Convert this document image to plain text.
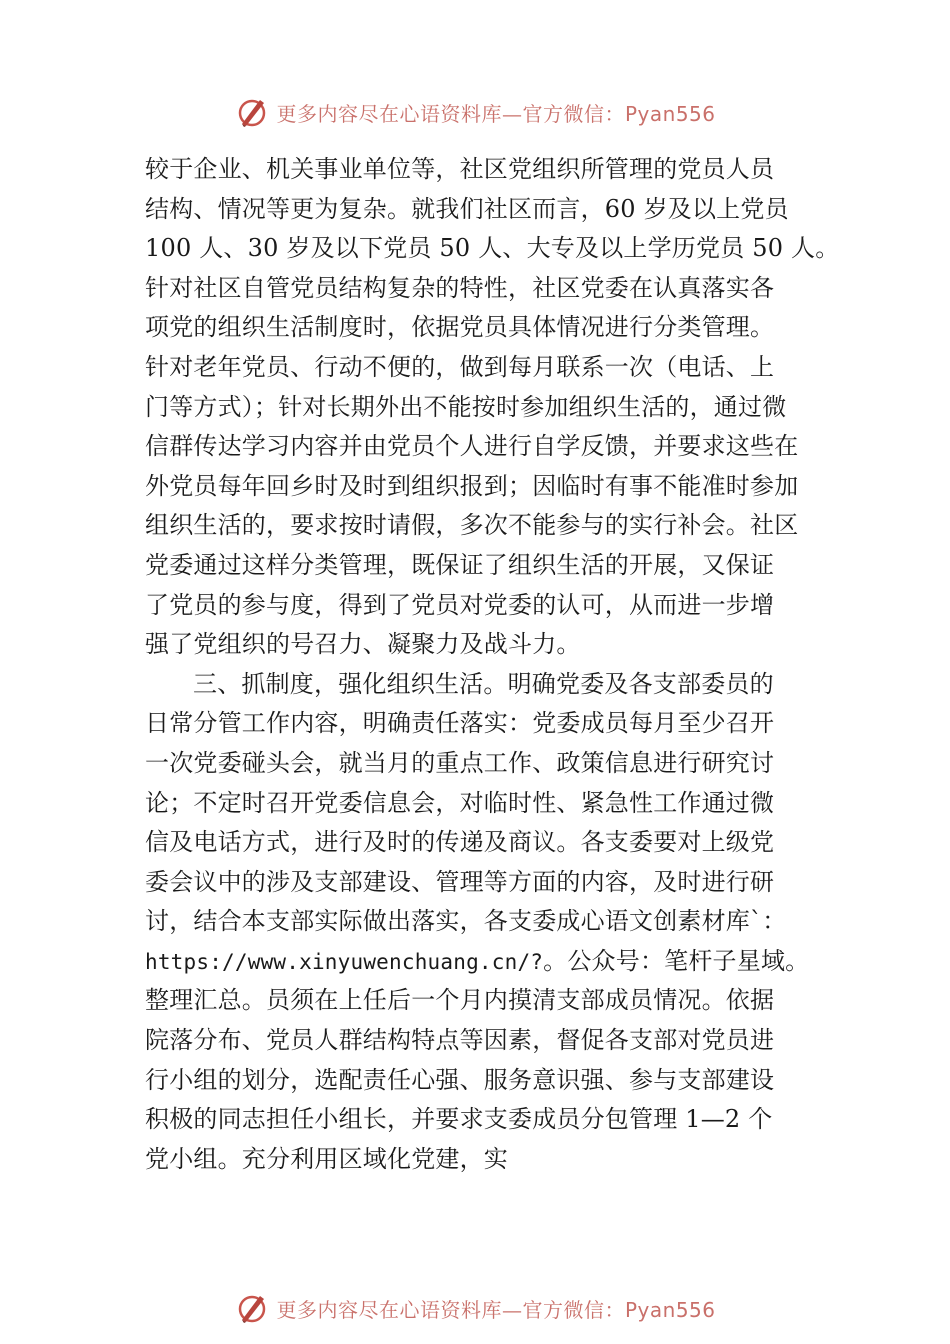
更多内容尽在心语资料库—官方微信：Pyan556
较于企业、机关事业单位等，社区党组织所管理的党员人员
结构、情况等更为复杂。就我们社区而言，60 岁及以上党员
100 人、30 岁及以下党员 50 人、大专及以上学历党员 50 人。
针对社区自管党员结构复杂的特性，社区党委在认真落实各
项党的组织生活制度时，依据党员具体情况进行分类管理。
针对老年党员、行动不便的，做到每月联系一次（电话、上
门等方式）；针对长期外出不能按时参加组织生活的，通过微
信群传达学习内容并由党员个人进行自学反馈，并要求这些在
外党员每年回乡时及时到组织报到；因临时有事不能准时参加
组织生活的，要求按时请假，多次不能参与的实行补会。社区
党委通过这样分类管理，既保证了组织生活的开展，又保证
了党员的参与度，得到了党员对党委的认可，从而进一步增
强了党组织的号召力、凝聚力及战斗力。
三、抓制度，强化组织生活。明确党委及各支部委员的
日常分管工作内容，明确责任落实：党委成员每月至少召开
一次党委碰头会，就当月的重点工作、政策信息进行研究讨
论；不定时召开党委信息会，对临时性、紧急性工作通过微
信及电话方式，进行及时的传递及商议。各支委要对上级党
委会议中的涉及支部建设、管理等方面的内容，及时进行研
讨，结合本支部实际做出落实，各支委成心语文创素材库`：
https://www.xinyuwenchuang.cn/?。公众号：笔杆子星域。
整理汇总。员须在上任后一个月内摸清支部成员情况。依据
院落分布、党员人群结构特点等因素，督促各支部对党员进
行小组的划分，选配责任心强、服务意识强、参与支部建设
积极的同志担任小组长，并要求支委成员分包管理 1—2 个
党小组。充分利用区域化党建，实
更多内容尽在心语资料库—官方微信：Pyan556
